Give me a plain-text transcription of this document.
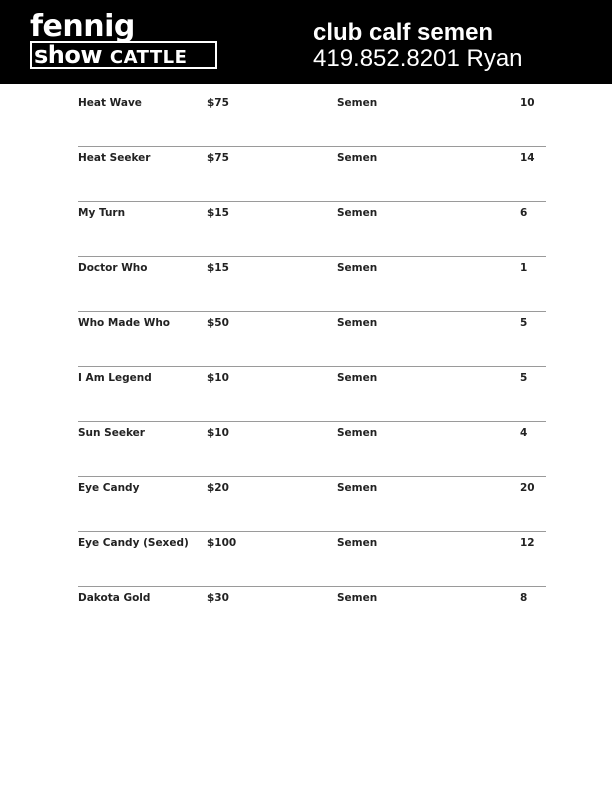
fennig
show CATTLE
club calf semen
419.852.8201 Ryan
Heat Wave	$75	Semen	10
Heat Seeker	$75	Semen	14
My Turn	$15	Semen	6
Doctor Who	$15	Semen	1
Who Made Who	$50	Semen	5
I Am Legend	$10	Semen	5
Sun Seeker	$10	Semen	4
Eye Candy	$20	Semen	20
Eye Candy (Sexed) $100	Semen	12
Dakota Gold	$30	Semen	8
